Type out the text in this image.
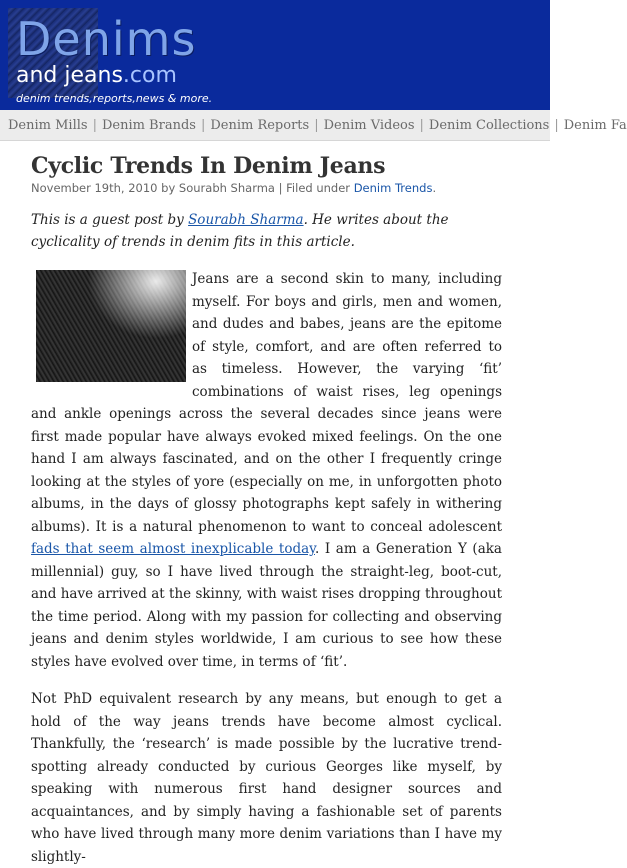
Denims
and jeans.com
denim trends,reports,news & more.
Denim Mills | Denim Brands | Denim Reports | Denim Videos | Denim Collections | Denim Fa
Cyclic Trends In Denim Jeans
November 19th, 2010 by Sourabh Sharma | Filed under Denim Trends.

This is a guest post by Sourabh Sharma. He writes about the cyclicality of trends in denim fits in this article.

Jeans are a second skin to many, including myself. For boys and girls, men and women, and dudes and babes, jeans are the epitome of style, comfort, and are often referred to as timeless. However, the varying ‘fit’ combinations of waist rises, leg openings and ankle openings across the several decades since jeans were first made popular have always evoked mixed feelings. On the one hand I am always fascinated, and on the other I frequently cringe looking at the styles of yore (especially on me, in unforgotten photo albums, in the days of glossy photographs kept safely in withering albums). It is a natural phenomenon to want to conceal adolescent fads that seem almost inexplicable today. I am a Generation Y (aka millennial) guy, so I have lived through the straight-leg, boot-cut, and have arrived at the skinny, with waist rises dropping throughout the time period. Along with my passion for collecting and observing jeans and denim styles worldwide, I am curious to see how these styles have evolved over time, in terms of ‘fit’.

Not PhD equivalent research by any means, but enough to get a hold of the way jeans trends have become almost cyclical. Thankfully, the ‘research’ is made possible by the lucrative trend-spotting already conducted by curious Georges like myself, by speaking with numerous first hand designer sources and acquaintances, and by simply having a fashionable set of parents who have lived through many more denim variations than I have my slightly-
